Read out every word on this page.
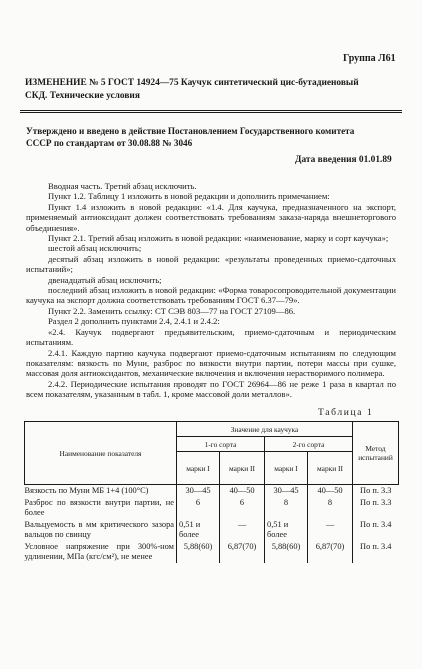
Группа Л61
ИЗМЕНЕНИЕ № 5 ГОСТ 14924—75 Каучук синтетический цис-бутадиеновый
СКД. Технические условия
Утверждено и введено в действие Постановлением Государственного комитета
СССР по стандартам от 30.08.88 № 3046
Дата введения 01.01.89

Вводная часть. Третий абзац исключить.

Пункт 1.2. Таблицу 1 изложить в новой редакции и дополнить примечанием:

Пункт 1.4 изложить в новой редакции: «1.4. Для каучука, предназначенного на экспорт, применяемый антиоксидант должен соответствовать требованиям заказа-наряда внешнеторгового объединения».

Пункт 2.1. Третий абзац изложить в новой редакции: «наименование, марку и сорт каучука»;

шестой абзац исключить;

десятый абзац изложить в новой редакции: «результаты проведенных приемо-сдаточных испытаний»;

двенадцатый абзац исключить;

последний абзац изложить в новой редакции: «Форма товаросопроводительной документации каучука на экспорт должна соответствовать требованиям ГОСТ 6.37—79».

Пункт 2.2. Заменить ссылку: СТ СЭВ 803—77 на ГОСТ 27109—86.

Раздел 2 дополнить пунктами 2.4, 2.4.1 и 2.4.2:

«2.4. Каучук подвергают предъявительским, приемо-сдаточным и периодическим испытаниям.

2.4.1. Каждую партию каучука подвергают приемо-сдаточным испытаниям по следующим показателям: вязкость по Муни, разброс по вязкости внутри партии, потери массы при сушке, массовая доля антиоксидантов, механические включения и включения нерастворимого полимера.

2.4.2. Периодические испытания проводят по ГОСТ 26964—86 не реже 1 раза в квартал по всем показателям, указанным в табл. 1, кроме массовой доли металлов».

Таблица 1
Наименование показателя	Значение для каучука				Метод испытаний
	1-го сорта		2-го сорта		
	марки I	марки II	марки I	марки II	
Вязкость по Муни МБ 1+4 (100°С)	30—45	40—50	30—45	40—50	По п. 3.3
Разброс по вязкости внутри партии, не более	6	6	8	8	По п. 3.3
Вальцуемость в мм критического зазора вальцов по свинцу	0,51 и более	—	0,51 и более	—	По п. 3.4
Условное напряжение при 300%-ном удлинении, МПа (кгс/см²), не менее	5,88(60)	6,87(70)	5,88(60)	6,87(70)	По п. 3.4
